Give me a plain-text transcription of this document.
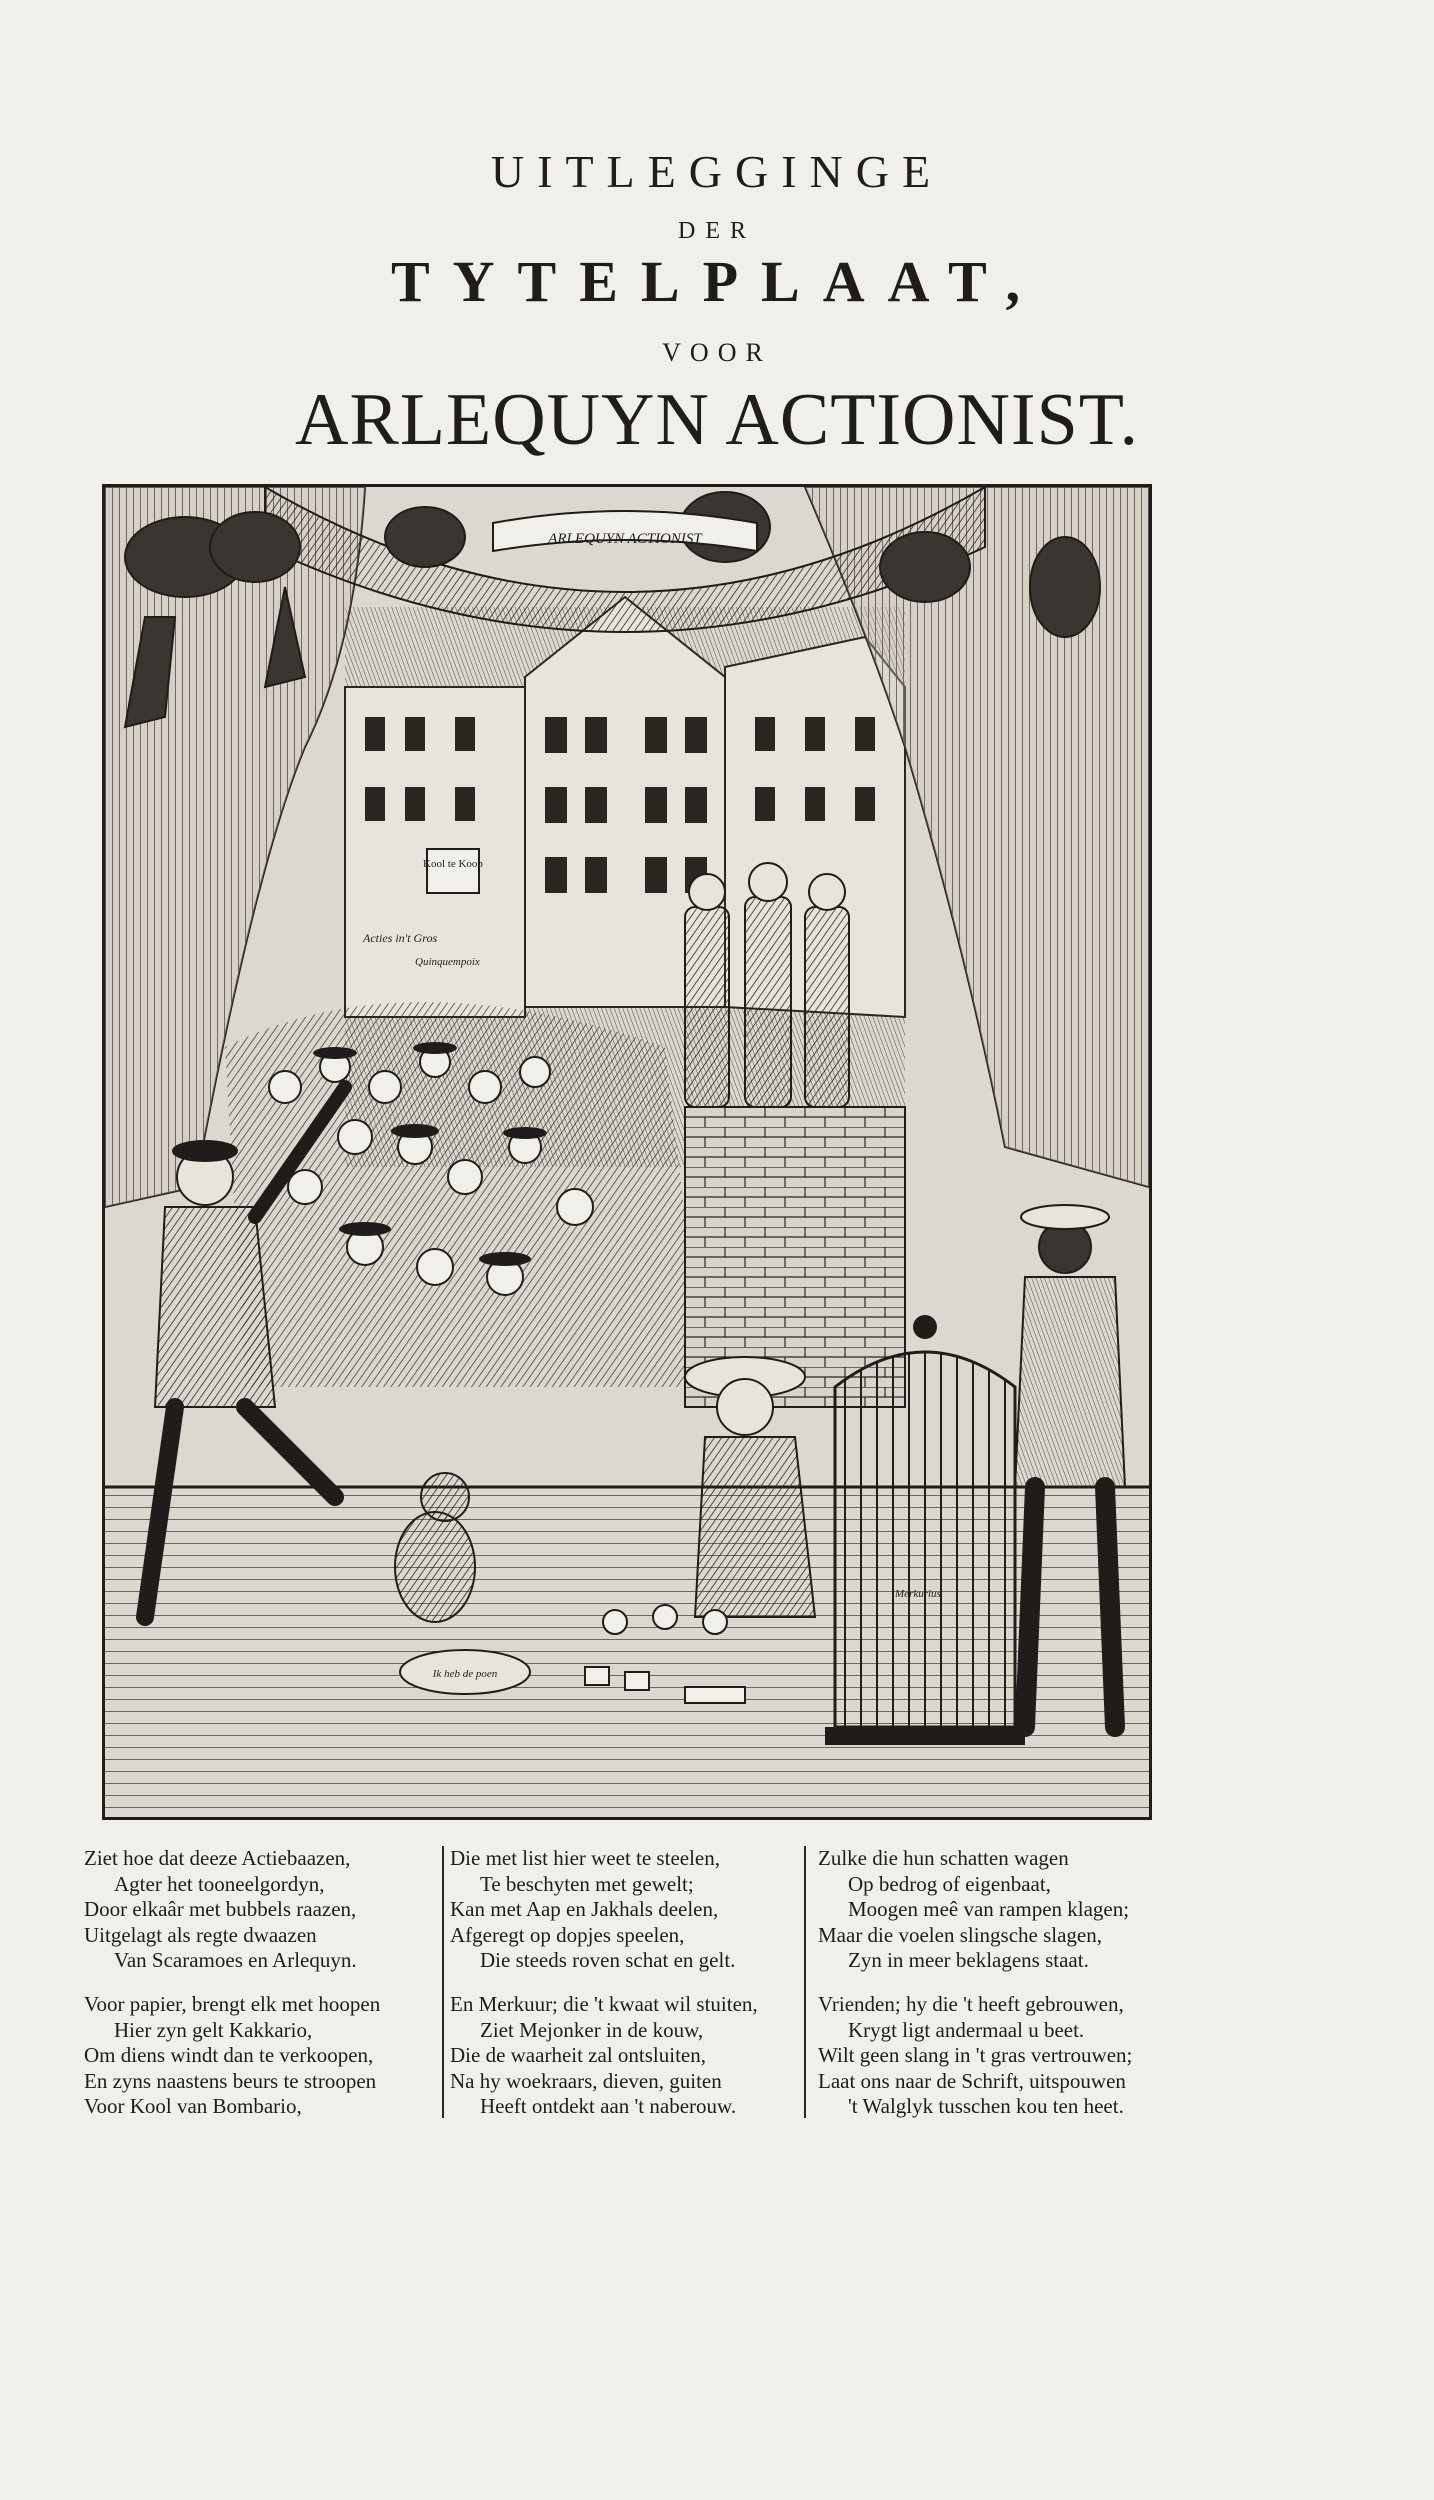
UITLEGGINGE
DER
TYTELPLAAT,
VOOR
ARLEQUYN ACTIONIST.
Kool te Koop
Acties in't Gros
Quinquempoix
ARLEQUYN ACTIONIST
Ik heb de poen
Merkurius
Ziet hoe dat deeze Actiebaazen,
Agter het tooneelgordyn,
Door elkaâr met bubbels raazen,
Uitgelagt als regte dwaazen
Van Scaramoes en Arlequyn.
Voor papier, brengt elk met hoopen
Hier zyn gelt Kakkario,
Om diens windt dan te verkoopen,
En zyns naastens beurs te stroopen
Voor Kool van Bombario,
Die met list hier weet te steelen,
Te beschyten met gewelt;
Kan met Aap en Jakhals deelen,
Afgeregt op dopjes speelen,
Die steeds roven schat en gelt.
En Merkuur; die 't kwaat wil stuiten,
Ziet Mejonker in de kouw,
Die de waarheit zal ontsluiten,
Na hy woekraars, dieven, guiten
Heeft ontdekt aan 't naberouw.
Zulke die hun schatten wagen
Op bedrog of eigenbaat,
Moogen meê van rampen klagen;
Maar die voelen slingsche slagen,
Zyn in meer beklagens staat.
Vrienden; hy die 't heeft gebrouwen,
Krygt ligt andermaal u beet.
Wilt geen slang in 't gras vertrouwen;
Laat ons naar de Schrift, uitspouwen
't Walglyk tusschen kou ten heet.
